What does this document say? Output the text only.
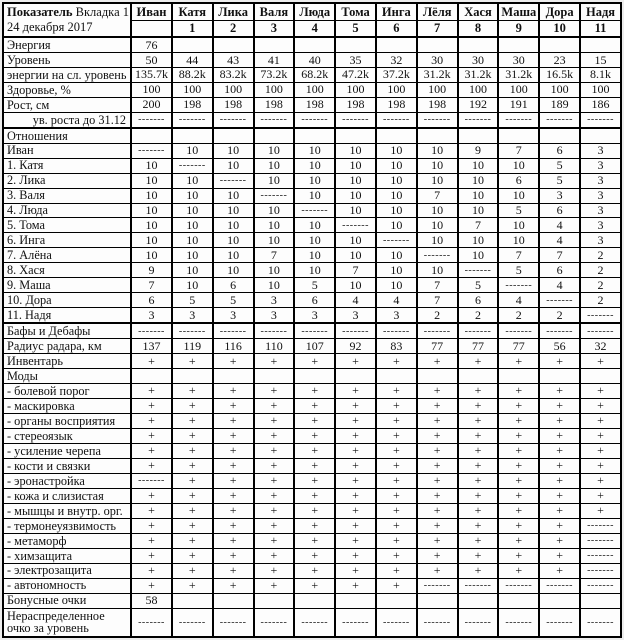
Показатель Вкладка 1
24 декабря 2017	Иван	Катя	Лика	Валя	Люда	Тома	Инга	Лёля	Хася	Маша	Дора	Надя
		1	2	3	4	5	6	7	8	9	10	11
Энергия	76											
Уровень	50	44	43	41	40	35	32	30	30	30	23	15
энергии на сл. уровень	135.7k	88.2k	83.2k	73.2k	68.2k	47.2k	37.2k	31.2k	31.2k	31.2k	16.5k	8.1k
Здоровье, %	100	100	100	100	100	100	100	100	100	100	100	100
Рост, см	200	198	198	198	198	198	198	198	192	191	189	186
ув. роста до 31.12	-------	-------	-------	-------	-------	-------	-------	-------	-------	-------	-------	-------
Отношения												
Иван	-------	10	10	10	10	10	10	10	9	7	6	3
1. Катя	10	-------	10	10	10	10	10	10	10	10	5	3
2. Лика	10	10	-------	10	10	10	10	10	10	6	5	3
3. Валя	10	10	10	-------	10	10	10	7	10	10	3	3
4. Люда	10	10	10	10	-------	10	10	10	10	5	6	3
5. Тома	10	10	10	10	10	-------	10	10	7	10	4	3
6. Инга	10	10	10	10	10	10	-------	10	10	10	4	3
7. Алёна	10	10	10	7	10	10	10	-------	10	7	7	2
8. Хася	9	10	10	10	10	7	10	10	-------	5	6	2
9. Маша	7	10	6	10	5	10	10	7	5	-------	4	2
10. Дора	6	5	5	3	6	4	4	7	6	4	-------	2
11. Надя	3	3	3	3	3	3	3	2	2	2	2	-------
Бафы и Дебафы	-------	-------	-------	-------	-------	-------	-------	-------	-------	-------	-------	-------
Радиус радара, км	137	119	116	110	107	92	83	77	77	77	56	32
Инвентарь	+	+	+	+	+	+	+	+	+	+	+	+
Моды												
- болевой порог	+	+	+	+	+	+	+	+	+	+	+	+
- маскировка	+	+	+	+	+	+	+	+	+	+	+	+
- органы восприятия	+	+	+	+	+	+	+	+	+	+	+	+
- стереоязык	+	+	+	+	+	+	+	+	+	+	+	+
- усиление черепа	+	+	+	+	+	+	+	+	+	+	+	+
- кости и связки	+	+	+	+	+	+	+	+	+	+	+	+
- эронастройка	-------	+	+	+	+	+	+	+	+	+	+	+
- кожа и слизистая	+	+	+	+	+	+	+	+	+	+	+	+
- мышцы и внутр. орг.	+	+	+	+	+	+	+	+	+	+	+	+
- термонеуязвимость	+	+	+	+	+	+	+	+	+	+	+	-------
- метаморф	+	+	+	+	+	+	+	+	+	+	+	-------
- химзащита	+	+	+	+	+	+	+	+	+	+	+	-------
- электрозащита	+	+	+	+	+	+	+	+	+	+	+	-------
- автономность	+	+	+	+	+	+	+	-------	-------	-------	-------	-------
Бонусные очки	58											
Нераспределенное очко за уровень	-------	-------	-------	-------	-------	-------	-------	-------	-------	-------	-------	-------
